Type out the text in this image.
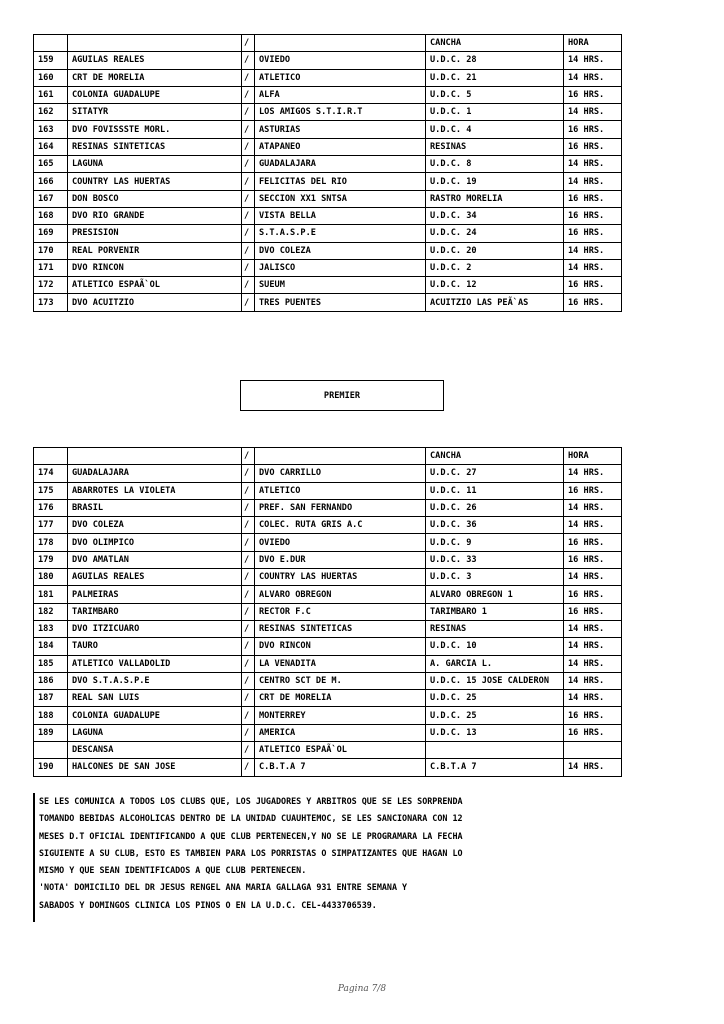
		/		CANCHA	HORA
159	AGUILAS REALES	/	OVIEDO	U.D.C. 28	14 HRS.
160	CRT DE MORELIA	/	ATLETICO	U.D.C. 21	14 HRS.
161	COLONIA GUADALUPE	/	ALFA	U.D.C. 5	16 HRS.
162	SITATYR	/	LOS AMIGOS S.T.I.R.T	U.D.C. 1	14 HRS.
163	DVO FOVISSSTE MORL.	/	ASTURIAS	U.D.C. 4	16 HRS.
164	RESINAS SINTETICAS	/	ATAPANEO	RESINAS	16 HRS.
165	LAGUNA	/	GUADALAJARA	U.D.C. 8	14 HRS.
166	COUNTRY LAS HUERTAS	/	FELICITAS DEL RIO	U.D.C. 19	14 HRS.
167	DON BOSCO	/	SECCION XX1 SNTSA	RASTRO MORELIA	16 HRS.
168	DVO RIO GRANDE	/	VISTA BELLA	U.D.C. 34	16 HRS.
169	PRESISION	/	S.T.A.S.P.E	U.D.C. 24	16 HRS.
170	REAL PORVENIR	/	DVO COLEZA	U.D.C. 20	14 HRS.
171	DVO RINCON	/	JALISCO	U.D.C. 2	14 HRS.
172	ATLETICO ESPAÃ`OL	/	SUEUM	U.D.C. 12	16 HRS.
173	DVO ACUITZIO	/	TRES PUENTES	ACUITZIO LAS PEÃ`AS	16 HRS.
PREMIER
		/		CANCHA	HORA
174	GUADALAJARA	/	DVO CARRILLO	U.D.C. 27	14 HRS.
175	ABARROTES LA VIOLETA	/	ATLETICO	U.D.C. 11	16 HRS.
176	BRASIL	/	PREF. SAN FERNANDO	U.D.C. 26	14 HRS.
177	DVO COLEZA	/	COLEC. RUTA GRIS A.C	U.D.C. 36	14 HRS.
178	DVO OLIMPICO	/	OVIEDO	U.D.C. 9	16 HRS.
179	DVO AMATLAN	/	DVO E.DUR	U.D.C. 33	16 HRS.
180	AGUILAS REALES	/	COUNTRY LAS HUERTAS	U.D.C. 3	14 HRS.
181	PALMEIRAS	/	ALVARO OBREGON	ALVARO OBREGON 1	16 HRS.
182	TARIMBARO	/	RECTOR F.C	TARIMBARO 1	16 HRS.
183	DVO ITZICUARO	/	RESINAS SINTETICAS	RESINAS	14 HRS.
184	TAURO	/	DVO RINCON	U.D.C. 10	14 HRS.
185	ATLETICO VALLADOLID	/	LA VENADITA	A. GARCIA L.	14 HRS.
186	DVO S.T.A.S.P.E	/	CENTRO SCT DE M.	U.D.C. 15 JOSE CALDERON	14 HRS.
187	REAL SAN LUIS	/	CRT DE MORELIA	U.D.C. 25	14 HRS.
188	COLONIA GUADALUPE	/	MONTERREY	U.D.C. 25	16 HRS.
189	LAGUNA	/	AMERICA	U.D.C. 13	16 HRS.
	DESCANSA	/	ATLETICO ESPAÃ`OL		
190	HALCONES DE SAN JOSE	/	C.B.T.A 7	C.B.T.A 7	14 HRS.
SE LES COMUNICA A TODOS LOS CLUBS QUE, LOS JUGADORES Y ARBITROS QUE SE LES SORPRENDA
TOMANDO BEBIDAS ALCOHOLICAS DENTRO DE LA UNIDAD CUAUHTEMOC, SE LES SANCIONARA CON 12
MESES D.T OFICIAL IDENTIFICANDO A QUE CLUB PERTENECEN,Y NO SE LE PROGRAMARA LA FECHA
SIGUIENTE A SU CLUB, ESTO ES TAMBIEN PARA LOS PORRISTAS O SIMPATIZANTES QUE HAGAN LO
MISMO Y QUE SEAN IDENTIFICADOS A QUE CLUB PERTENECEN.
'NOTA' DOMICILIO DEL DR JESUS RENGEL ANA MARIA GALLAGA 931 ENTRE SEMANA Y
SABADOS Y DOMINGOS CLINICA LOS PINOS O EN LA U.D.C. CEL-4433706539.
Pagina 7/8
